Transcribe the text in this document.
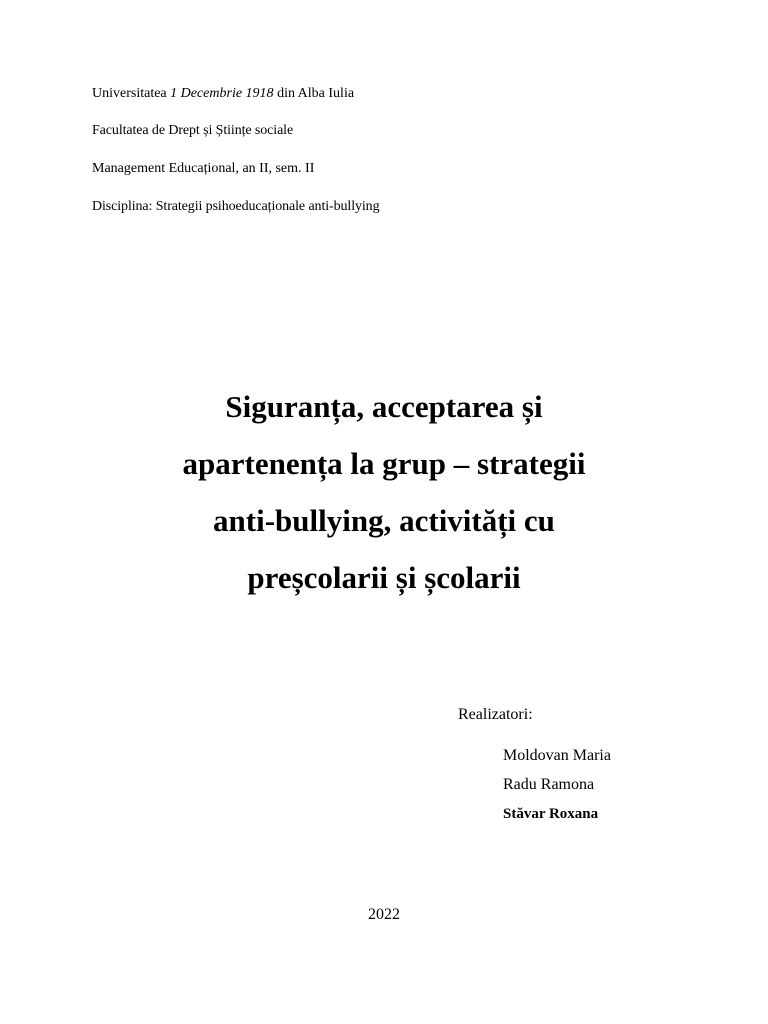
Universitatea 1 Decembrie 1918 din Alba Iulia
Facultatea de Drept și Științe sociale
Management Educațional, an II, sem. II
Disciplina: Strategii psihoeducaționale anti-bullying
Siguranța, acceptarea și
apartenența la grup – strategii
anti-bullying, activități cu
preșcolarii și școlarii
Realizatori:
Moldovan Maria
Radu Ramona
Stăvar Roxana
2022
